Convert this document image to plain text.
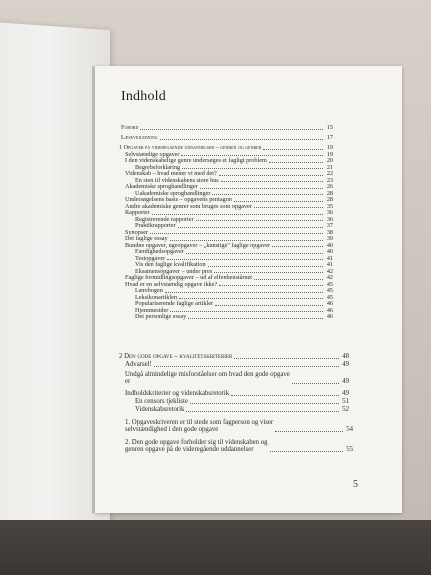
Indhold
Forord	15
Læsevejledning	17
1 Opgaver på videregående uddannelser – genren og genrer	19
Selvstændige opgaver	19
I den videnskabelige genre undersøges et fagligt problem	20
Begrebsforklaring	21
Videnskab – hvad mener vi med det?	22
En sten til videnskabens store hus	23
Akademiske sproghandlinger	26
Uakademiske sproghandlinger	28
Undersøgelsens basis – opgavens pentagon	28
Andre akademiske genrer som bruges som opgaver	35
Rapporter	36
Registrerende rapporter	36
Praktikrapporter	37
Synopser	38
Det faglige essay	39
Bundne opgaver, ugeopgaver – „kunstige" faglige opgaver	40
Færdighedsopgaver	40
Testopgaver	41
Vis den faglige kvalifikation	41
Eksamensopgaver – under pres	42
Faglige formidlingsopgaver – ud af elfenbenstårnet	42
Hvad er en selvstændig opgave ikke?	45
Lærebogen	45
Leksikonartiklen	45
Populariserende faglige artikler	46
Hjemmesider	46
Det personlige essay	46
2 Den gode opgave – kvalitetskriterier	48
Advarsel!	49
Undgå almindelige misforståelser om hvad den gode opgave
er	49
Indholdskriterier og videnskabsretorik	49
En censors tjekliste	51
Videnskabsretorik	52
1. Opgaveskriveren er til stede som fagperson og viser
selvstændighed i den gode opgave	54
2. Den gode opgave forholder sig til videnskaben og
genren opgave på de videregående uddannelser	55
5
